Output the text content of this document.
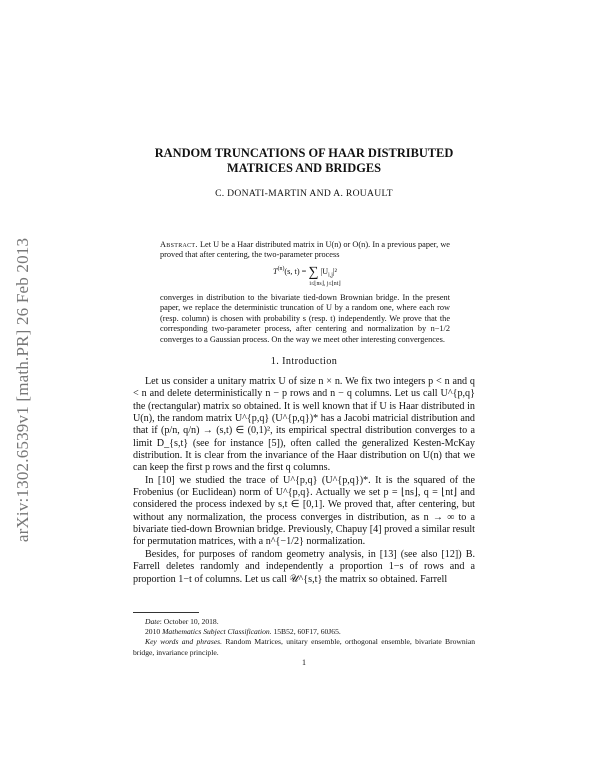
arXiv:1302.6539v1 [math.PR] 26 Feb 2013
RANDOM TRUNCATIONS OF HAAR DISTRIBUTED
MATRICES AND BRIDGES
C. DONATI-MARTIN AND A. ROUAULT
Abstract. Let U be a Haar distributed matrix in U(n) or O(n). In a previous paper, we proved that after centering, the two-parameter process
$T^{(n)}(s$, t) = ∑ $|U_{i,j}|^2$
i≤⌊ns⌋, j≤⌊nt⌋
converges in distribution to the bivariate tied-down Brownian bridge. In the present paper, we replace the deterministic truncation of U by a random one, where each row (resp. column) is chosen with probability s (resp. t) independently. We prove that the corresponding two-parameter process, after centering and normalization by n−1/2 converges to a Gaussian process. On the way we meet other interesting convergences.
1. Introduction

Let us consider a unitary matrix U of size n × n. We fix two integers p < n and q < n and delete deterministically n − p rows and n − q columns. Let us call U^{p,q} the (rectangular) matrix so obtained. It is well known that if U is Haar distributed in U(n), the random matrix U^{p,q} (U^{p,q})* has a Jacobi matricial distribution and that if (p/n, q/n) → (s,t) ∈ (0,1)², its empirical spectral distribution converges to a limit D_{s,t} (see for instance [5]), often called the generalized Kesten-McKay distribution. It is clear from the invariance of the Haar distribution on U(n) that we can keep the first p rows and the first q columns.

In [10] we studied the trace of U^{p,q} (U^{p,q})*. It is the squared of the Frobenius (or Euclidean) norm of U^{p,q}. Actually we set p = ⌊ns⌋, q = ⌊nt⌋ and considered the process indexed by s,t ∈ [0,1]. We proved that, after centering, but without any normalization, the process converges in distribution, as n → ∞ to a bivariate tied-down Brownian bridge. Previously, Chapuy [4] proved a similar result for permutation matrices, with a n^{−1/2} normalization.

Besides, for purposes of random geometry analysis, in [13] (see also [12]) B. Farrell deletes randomly and independently a proportion 1−s of rows and a proportion 1−t of columns. Let us call 𝒰^{s,t} the matrix so obtained. Farrell

Date: October 10, 2018.

2010 Mathematics Subject Classification. 15B52, 60F17, 60J65.

Key words and phrases. Random Matrices, unitary ensemble, orthogonal ensemble, bivariate Brownian bridge, invariance principle.

1
